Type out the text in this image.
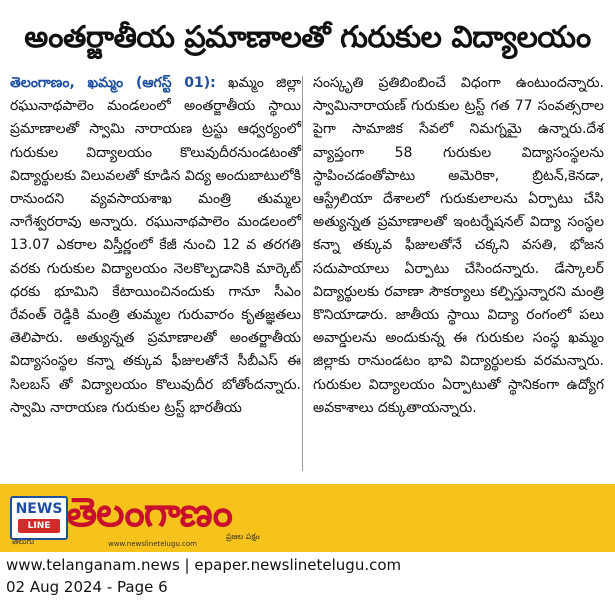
అంతర్జాతీయ ప్రమాణాలతో గురుకుల విద్యాలయం

తెలంగాణం, ఖమ్మం (ఆగస్ట్ 01): ఖమ్మం జిల్లా రఘునాథపాలెం మండలంలో అంతర్జాతీయ స్థాయి ప్రమాణాలతో స్వామి నారాయణ ట్రస్టు ఆధ్వర్యంలో గురుకుల విద్యాలయం కొలువుదీరనుండటంతో విద్యార్థులకు విలువలతో కూడిన విద్య అందుబాటులోకి రానుందని వ్యవసాయశాఖ మంత్రి తుమ్మల నాగేశ్వరరావు అన్నారు. రఘునాథపాలెం మండలంలో 13.07 ఎకరాల విస్తీర్ణంలో కేజీ నుంచి 12 వ తరగతి వరకు గురుకుల విద్యాలయం నెలకొల్పడానికి మార్కెట్ ధరకు భూమిని కేటాయించినందుకు గానూ సీఎం రేవంత్ రెడ్డికి మంత్రి తుమ్మల గురువారం కృతజ్ఞతలు తెలిపారు. అత్యున్నత ప్రమాణాలతో అంతర్జాతీయ విద్యాసంస్థల కన్నా తక్కువ ఫీజులతోనే సీబీఎస్ ఈ సిలబస్ తో విద్యాలయం కొలువుదీర బోతోందన్నారు. స్వామి నారాయణ గురుకుల ట్రస్ట్ భారతీయ

సంస్కృతి ప్రతిబింబించే విధంగా ఉంటుందన్నారు. స్వామినారాయణ్ గురుకుల ట్రస్ట్ గత 77 సంవత్సరాల పైగా సామాజిక సేవలో నిమగ్నమై ఉన్నారు.దేశ వ్యాప్తంగా 58 గురుకుల విద్యాసంస్థలను స్థాపించడంతోపాటు అమెరికా, బ్రిటన్,కెనడా, ఆస్ట్రేలియా దేశాలలో గురుకులాలను ఏర్పాటు చేసి అత్యున్నత ప్రమాణాలతో ఇంటర్నేషనల్ విద్యా సంస్థల కన్నా తక్కువ ఫీజులతోనే చక్కని వసతి, భోజన సదుపాయాలు ఏర్పాటు చేసిందన్నారు. డేస్కాలర్ విద్యార్థులకు రవాణా సౌకర్యాలు కల్పిస్తున్నారని మంత్రి కొనియాడారు. జాతీయ స్థాయి విద్యా రంగంలో పలు అవార్డులను అందుకున్న ఈ గురుకుల సంస్థ ఖమ్మం జిల్లాకు రానుండటం భావి విద్యార్థులకు వరమన్నారు. గురుకుల విద్యాలయం ఏర్పాటుతో స్థానికంగా ఉద్యోగ అవకాశాలు దక్కుతాయన్నారు.

NEWS
LINE
తెలుగు
తెలంగాణం
www.newslinetelugu.com
ప్రజల పక్షం
www.telanganam.news | epaper.newslinetelugu.com
02 Aug 2024 - Page 6
